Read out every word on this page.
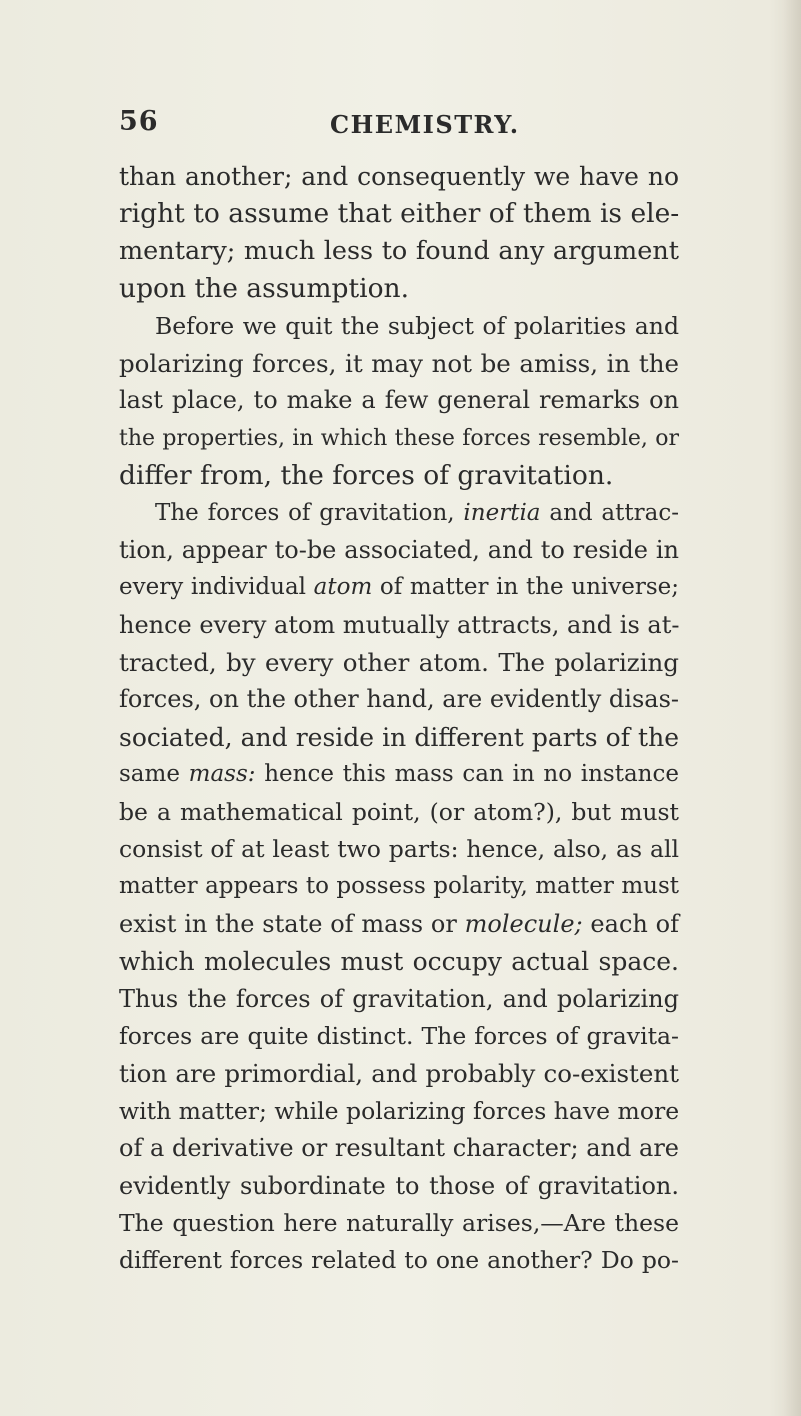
56	CHEMISTRY.
than another; and consequently we have no
right to assume that either of them is ele-
mentary; much less to found any argument
upon the assumption.
Before we quit the subject of polarities and
polarizing forces, it may not be amiss, in the
last place, to make a few general remarks on
the properties, in which these forces resemble, or
differ from, the forces of gravitation.
The forces of gravitation, inertia and attrac-
tion, appear to-be associated, and to reside in
every individual atom of matter in the universe;
hence every atom mutually attracts, and is at-
tracted, by every other atom. The polarizing
forces, on the other hand, are evidently disas-
sociated, and reside in different parts of the
same mass: hence this mass can in no instance
be a mathematical point, (or atom?), but must
consist of at least two parts: hence, also, as all
matter appears to possess polarity, matter must
exist in the state of mass or molecule; each of
which molecules must occupy actual space.
Thus the forces of gravitation, and polarizing
forces are quite distinct. The forces of gravita-
tion are primordial, and probably co-existent
with matter; while polarizing forces have more
of a derivative or resultant character; and are
evidently subordinate to those of gravitation.
The question here naturally arises,—Are these
different forces related to one another? Do po-
